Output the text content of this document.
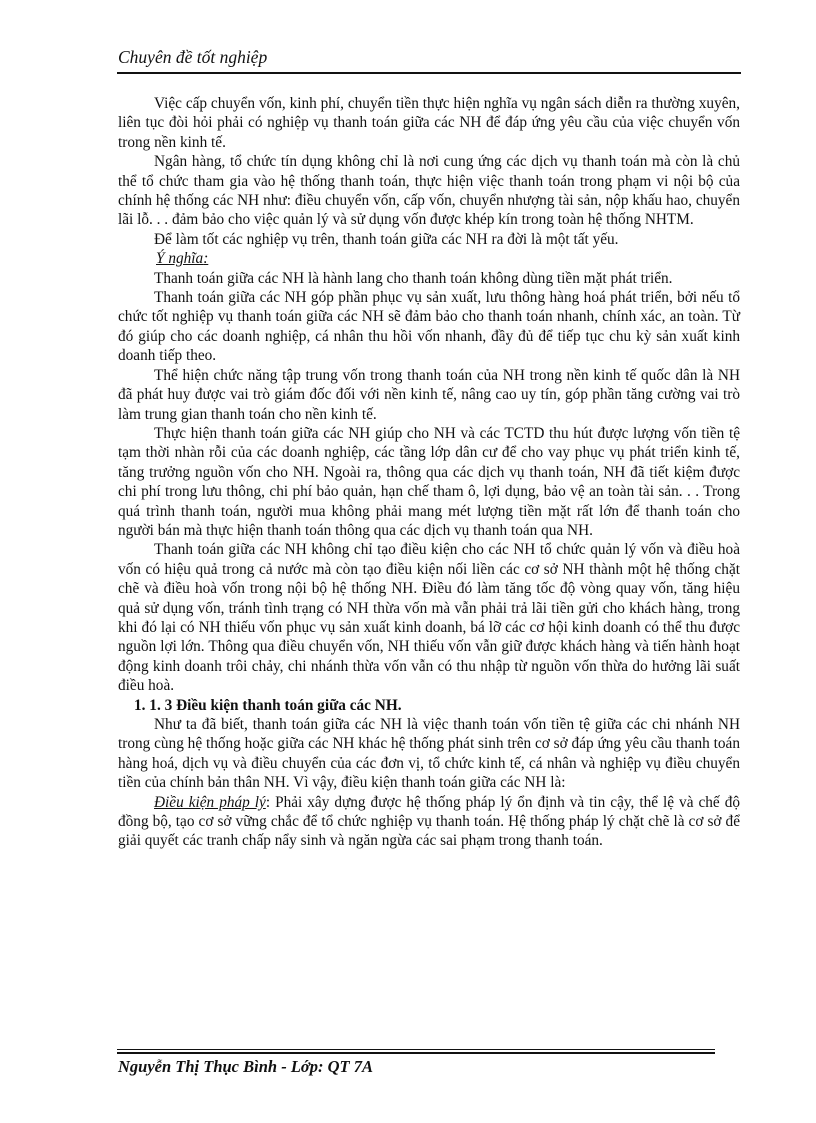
Chuyên đề tốt nghiệp

Việc cấp chuyển vốn, kinh phí, chuyển tiền thực hiện nghĩa vụ ngân sách diễn ra thường xuyên, liên tục đòi hỏi phải có nghiệp vụ thanh toán giữa các NH để đáp ứng yêu cầu của việc chuyển vốn trong nền kinh tế.

Ngân hàng, tổ chức tín dụng không chỉ là nơi cung ứng các dịch vụ thanh toán mà còn là chủ thể tổ chức tham gia vào hệ thống thanh toán, thực hiện việc thanh toán trong phạm vi nội bộ của chính hệ thống các NH như: điều chuyển vốn, cấp vốn, chuyển nhượng tài sản, nộp khấu hao, chuyển lãi lỗ. . . đảm bảo cho việc quản lý và sử dụng vốn được khép kín trong toàn hệ thống NHTM.

Để làm tốt các nghiệp vụ trên, thanh toán giữa các NH ra đời là một tất yếu.

Ý nghĩa:

Thanh toán giữa các NH là hành lang cho thanh toán không dùng tiền mặt phát triển.

Thanh toán giữa các NH góp phần phục vụ sản xuất, lưu thông hàng hoá phát triển, bởi nếu tổ chức tốt nghiệp vụ thanh toán giữa các NH sẽ đảm bảo cho thanh toán nhanh, chính xác, an toàn. Từ đó giúp cho các doanh nghiệp, cá nhân thu hồi vốn nhanh, đầy đủ để tiếp tục chu kỳ sản xuất kinh doanh tiếp theo.

Thể hiện chức năng tập trung vốn trong thanh toán của NH trong nền kinh tế quốc dân là NH đã phát huy được vai trò giám đốc đối với nền kinh tế, nâng cao uy tín, góp phần tăng cường vai trò làm trung gian thanh toán cho nền kinh tế.

Thực hiện thanh toán giữa các NH giúp cho NH và các TCTD thu hút được lượng vốn tiền tệ tạm thời nhàn rỗi của các doanh nghiệp, các tầng lớp dân cư để cho vay phục vụ phát triển kinh tế, tăng trưởng nguồn vốn cho NH. Ngoài ra, thông qua các dịch vụ thanh toán, NH đã tiết kiệm được chi phí trong lưu thông, chi phí bảo quản, hạn chế tham ô, lợi dụng, bảo vệ an toàn tài sản. . . Trong quá trình thanh toán, người mua không phải mang mét lượng tiền mặt rất lớn để thanh toán cho người bán mà thực hiện thanh toán thông qua các dịch vụ thanh toán qua NH.

Thanh toán giữa các NH không chỉ tạo điều kiện cho các NH tổ chức quản lý vốn và điều hoà vốn có hiệu quả trong cả nước mà còn tạo điều kiện nối liền các cơ sở NH thành một hệ thống chặt chẽ và điều hoà vốn trong nội bộ hệ thống NH. Điều đó làm tăng tốc độ vòng quay vốn, tăng hiệu quả sử dụng vốn, tránh tình trạng có NH thừa vốn mà vẫn phải trả lãi tiền gửi cho khách hàng, trong khi đó lại có NH thiếu vốn phục vụ sản xuất kinh doanh, bá lỡ các cơ hội kinh doanh có thể thu được nguồn lợi lớn. Thông qua điều chuyển vốn, NH thiếu vốn vẫn giữ được khách hàng và tiến hành hoạt động kinh doanh trôi chảy, chi nhánh thừa vốn vẫn có thu nhập từ nguồn vốn thừa do hưởng lãi suất điều hoà.

1. 1. 3 Điều kiện thanh toán giữa các NH.

Như ta đã biết, thanh toán giữa các NH là việc thanh toán vốn tiền tệ giữa các chi nhánh NH trong cùng hệ thống hoặc giữa các NH khác hệ thống phát sinh trên cơ sở đáp ứng yêu cầu thanh toán hàng hoá, dịch vụ và điều chuyển của các đơn vị, tổ chức kinh tế, cá nhân và nghiệp vụ điều chuyển tiền của chính bản thân NH. Vì vậy, điều kiện thanh toán giữa các NH là:

Điều kiện pháp lý: Phải xây dựng được hệ thống pháp lý ổn định và tin cậy, thể lệ và chế độ đồng bộ, tạo cơ sở vững chắc để tổ chức nghiệp vụ thanh toán. Hệ thống pháp lý chặt chẽ là cơ sở để giải quyết các tranh chấp nẩy sinh và ngăn ngừa các sai phạm trong thanh toán.

Nguyễn Thị Thục Bình - Lớp: QT 7A
